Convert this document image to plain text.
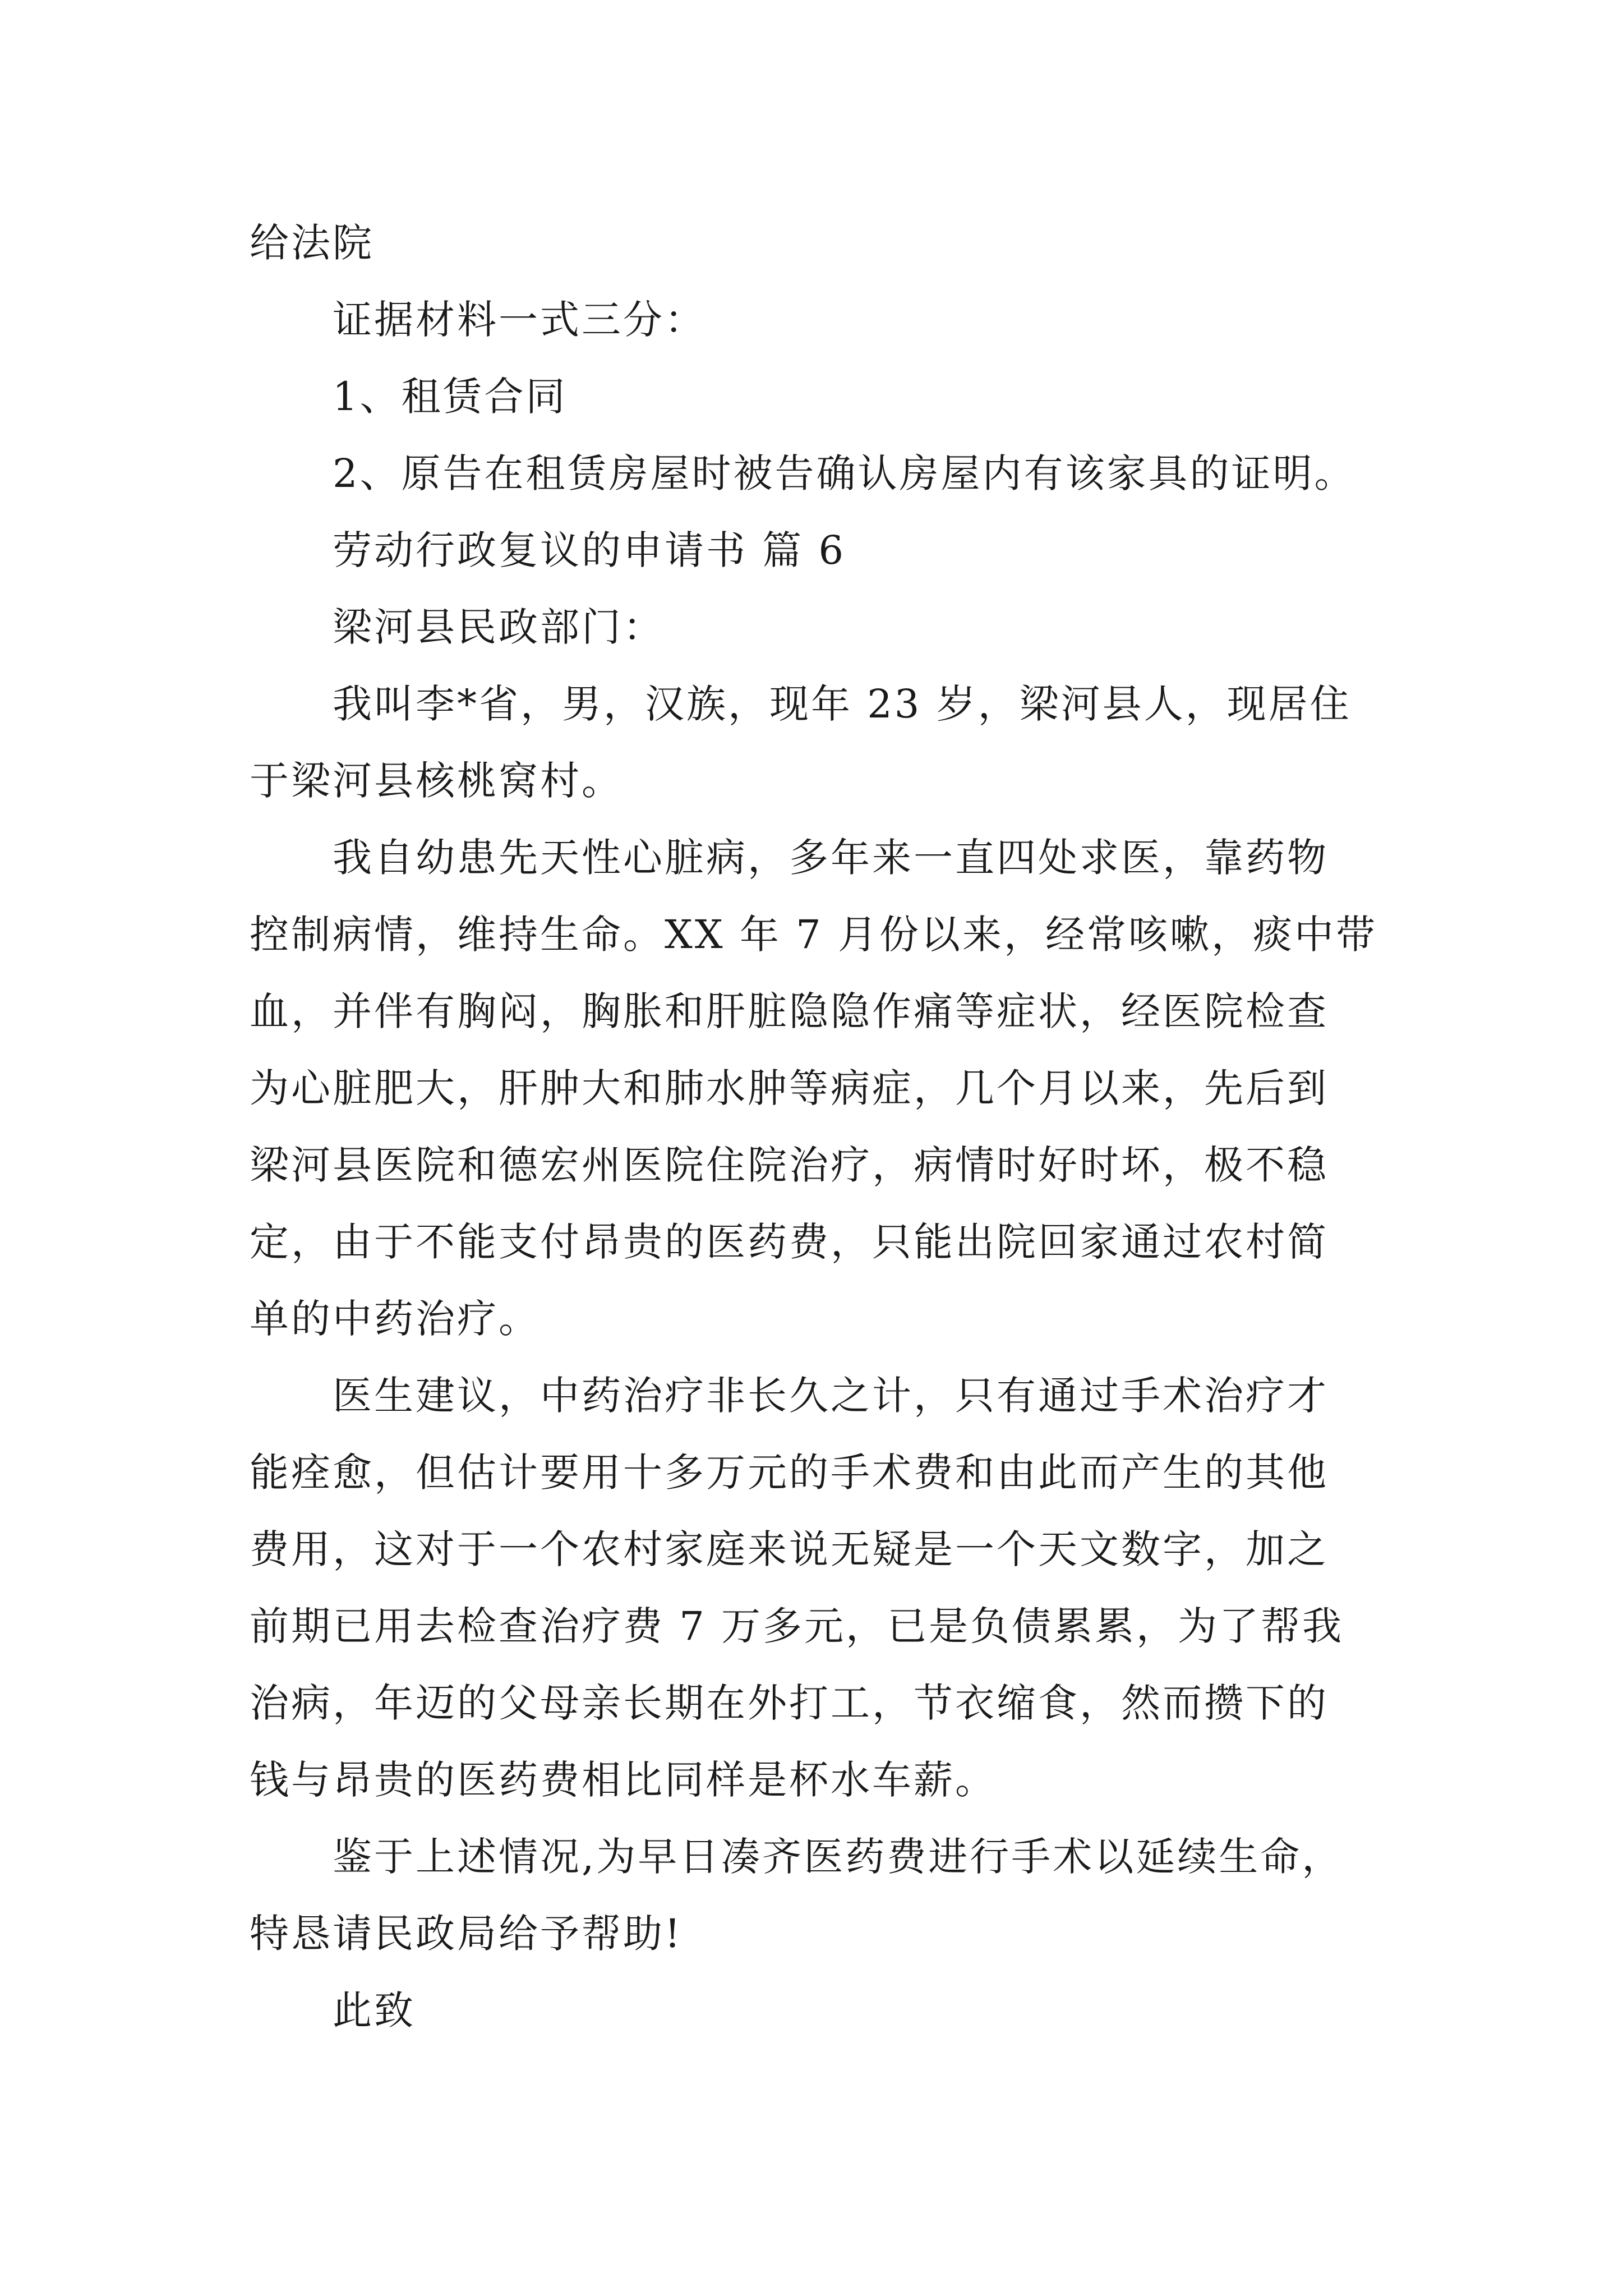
给法院
证据材料一式三分：
1、租赁合同
2、原告在租赁房屋时被告确认房屋内有该家具的证明。
劳动行政复议的申请书 篇 6
梁河县民政部门：
我叫李*省，男，汉族，现年 23 岁，梁河县人，现居住
于梁河县核桃窝村。
我自幼患先天性心脏病，多年来一直四处求医，靠药物
控制病情，维持生命。XX 年 7 月份以来，经常咳嗽，痰中带
血，并伴有胸闷，胸胀和肝脏隐隐作痛等症状，经医院检查
为心脏肥大，肝肿大和肺水肿等病症，几个月以来，先后到
梁河县医院和德宏州医院住院治疗，病情时好时坏，极不稳
定，由于不能支付昂贵的医药费，只能出院回家通过农村简
单的中药治疗。
医生建议，中药治疗非长久之计，只有通过手术治疗才
能痊愈，但估计要用十多万元的手术费和由此而产生的其他
费用，这对于一个农村家庭来说无疑是一个天文数字，加之
前期已用去检查治疗费 7 万多元，已是负债累累，为了帮我
治病，年迈的父母亲长期在外打工，节衣缩食，然而攒下的
钱与昂贵的医药费相比同样是杯水车薪。
鉴于上述情况,为早日凑齐医药费进行手术以延续生命，
特恳请民政局给予帮助!
此致
